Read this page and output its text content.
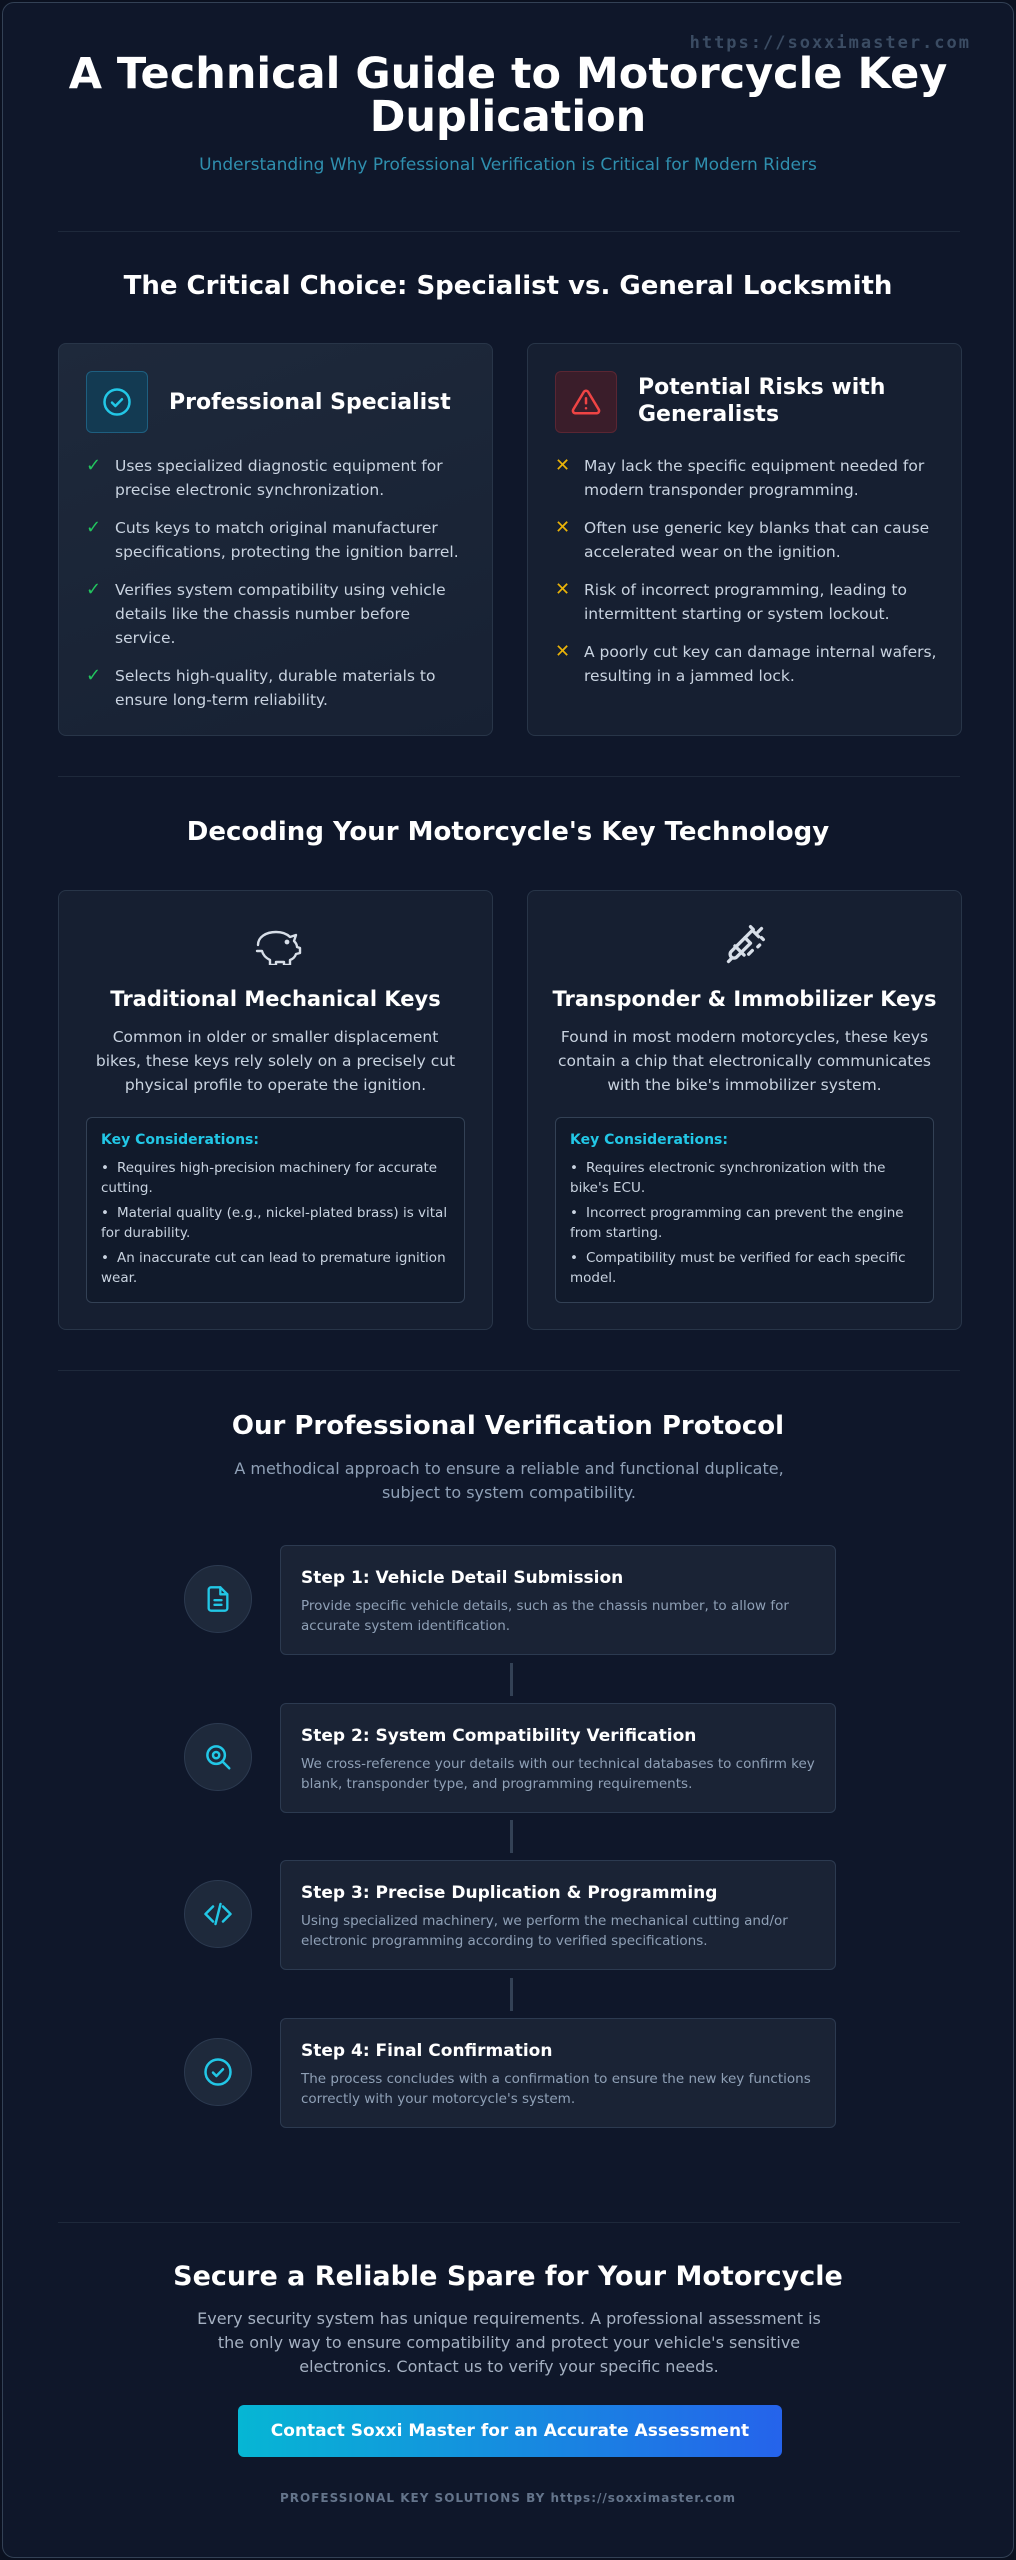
https://soxximaster.com
A Technical Guide to Motorcycle Key
Duplication
Understanding Why Professional Verification is Critical for Modern Riders
The Critical Choice: Specialist vs. General Locksmith
Professional Specialist
✓ Uses specialized diagnostic equipment for precise electronic synchronization.
✓ Cuts keys to match original manufacturer specifications, protecting the ignition barrel.
✓ Verifies system compatibility using vehicle details like the chassis number before service.
✓ Selects high-quality, durable materials to ensure long-term reliability.
Potential Risks with
Generalists
✕ May lack the specific equipment needed for modern transponder programming.
✕ Often use generic key blanks that can cause accelerated wear on the ignition.
✕ Risk of incorrect programming, leading to intermittent starting or system lockout.
✕ A poorly cut key can damage internal wafers, resulting in a jammed lock.
Decoding Your Motorcycle's Key Technology
Traditional Mechanical Keys
Common in older or smaller displacement bikes, these keys rely solely on a precisely cut physical profile to operate the ignition.
Key Considerations:
• Requires high-precision machinery for accurate cutting.
• Material quality (e.g., nickel-plated brass) is vital for durability.
• An inaccurate cut can lead to premature ignition wear.
Transponder & Immobilizer Keys
Found in most modern motorcycles, these keys contain a chip that electronically communicates with the bike's immobilizer system.
Key Considerations:
• Requires electronic synchronization with the bike's ECU.
• Incorrect programming can prevent the engine from starting.
• Compatibility must be verified for each specific model.
Our Professional Verification Protocol
A methodical approach to ensure a reliable and functional duplicate, subject to system compatibility.
Step 1: Vehicle Detail Submission
Provide specific vehicle details, such as the chassis number, to allow for accurate system identification.
Step 2: System Compatibility Verification
We cross-reference your details with our technical databases to confirm key blank, transponder type, and programming requirements.
Step 3: Precise Duplication & Programming
Using specialized machinery, we perform the mechanical cutting and/or electronic programming according to verified specifications.
Step 4: Final Confirmation
The process concludes with a confirmation to ensure the new key functions correctly with your motorcycle's system.
Secure a Reliable Spare for Your Motorcycle
Every security system has unique requirements. A professional assessment is the only way to ensure compatibility and protect your vehicle's sensitive electronics. Contact us to verify your specific needs.
Contact Soxxi Master for an Accurate Assessment
PROFESSIONAL KEY SOLUTIONS BY https://soxximaster.com
